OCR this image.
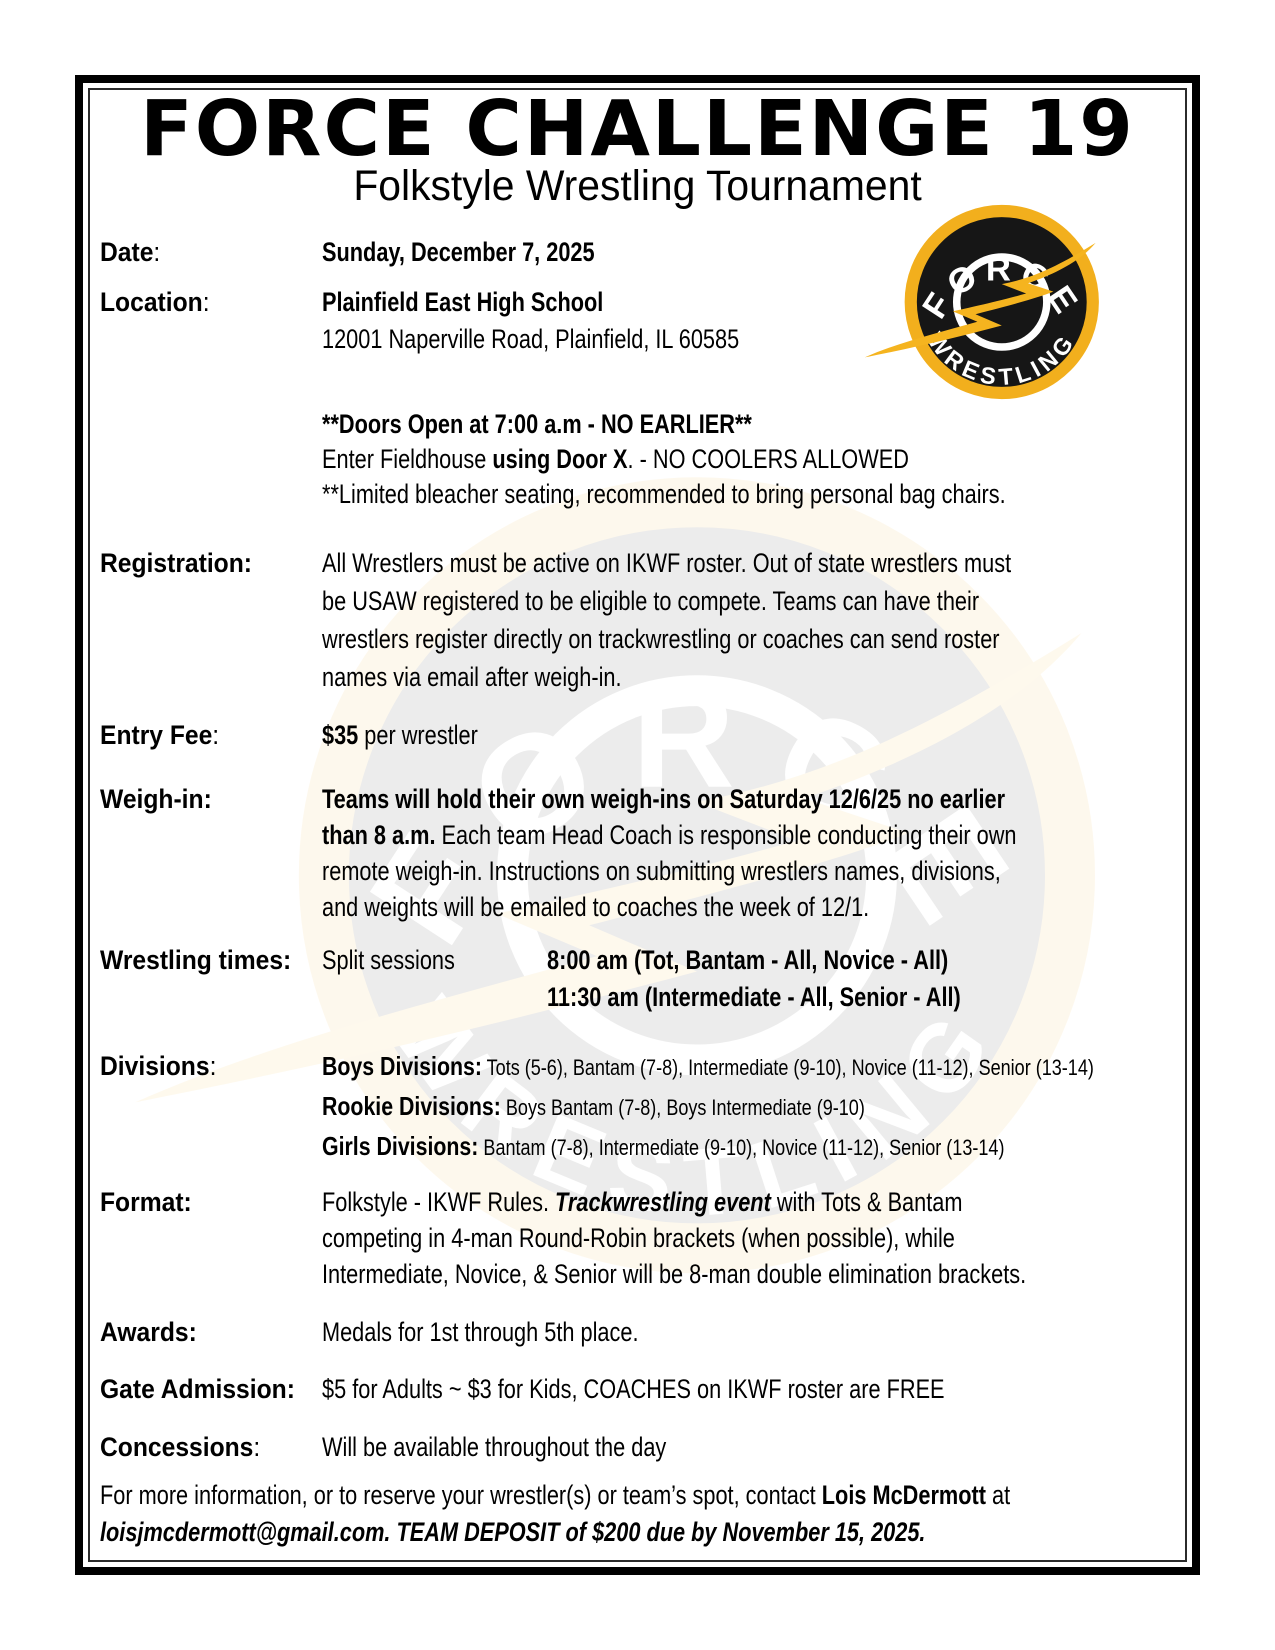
FORCE CHALLENGE 19
Folkstyle Wrestling Tournament
Date:	Sunday, December 7, 2025
Location:	Plainfield East High School
12001 Naperville Road, Plainfield, IL 60585
**Doors Open at 7:00 a.m - NO EARLIER**
Enter Fieldhouse using Door X. - NO COOLERS ALLOWED
**Limited bleacher seating, recommended to bring personal bag chairs.
Registration:	All Wrestlers must be active on IKWF roster. Out of state wrestlers must
be USAW registered to be eligible to compete. Teams can have their
wrestlers register directly on trackwrestling or coaches can send roster
names via email after weigh-in.
Entry Fee:	$35 per wrestler
Weigh-in:	Teams will hold their own weigh-ins on Saturday 12/6/25 no earlier
than 8 a.m. Each team Head Coach is responsible conducting their own
remote weigh-in. Instructions on submitting wrestlers names, divisions,
and weights will be emailed to coaches the week of 12/1.
Wrestling times: Split sessions	8:00 am (Tot, Bantam - All, Novice - All)
11:30 am (Intermediate - All, Senior - All)
Divisions:	Boys Divisions: Tots (5-6), Bantam (7-8), Intermediate (9-10), Novice (11-12), Senior (13-14)
Rookie Divisions: Boys Bantam (7-8), Boys Intermediate (9-10)
Girls Divisions: Bantam (7-8), Intermediate (9-10), Novice (11-12), Senior (13-14)
Format:	Folkstyle - IKWF Rules. Trackwrestling event with Tots & Bantam
competing in 4-man Round-Robin brackets (when possible), while
Intermediate, Novice, & Senior will be 8-man double elimination brackets.
Awards:	Medals for 1st through 5th place.
Gate Admission: $5 for Adults ~ $3 for Kids, COACHES on IKWF roster are FREE
Concessions: Will be available throughout the day
For more information, or to reserve your wrestler(s) or team’s spot, contact Lois McDermott at
loisjmcdermott@gmail.com. TEAM DEPOSIT of $200 due by November 15, 2025.
